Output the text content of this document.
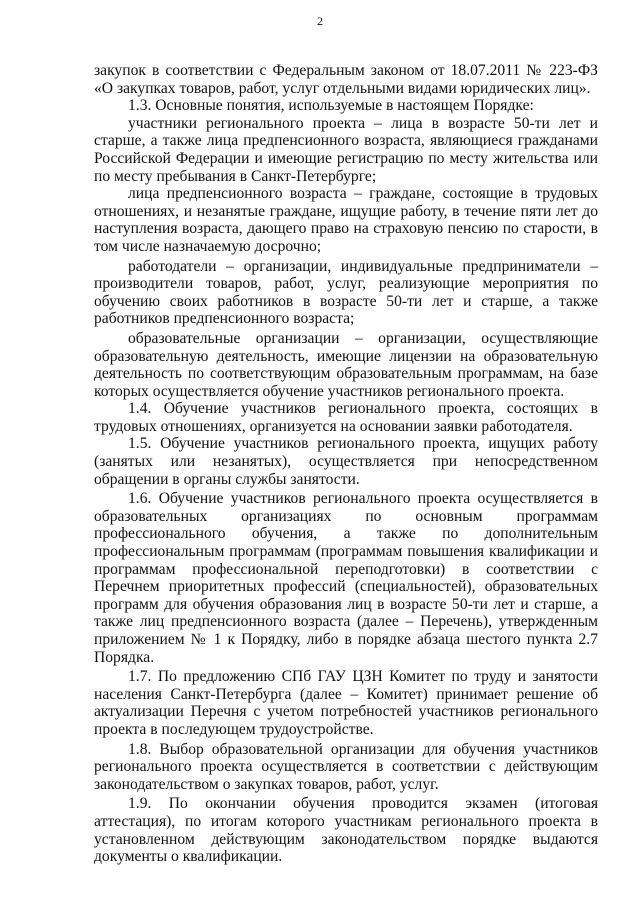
2

закупок в соответствии с Федеральным законом от 18.07.2011 № 223-ФЗ «О закупках товаров, работ, услуг отдельными видами юридических лиц».

1.3. Основные понятия, используемые в настоящем Порядке:

участники регионального проекта – лица в возрасте 50-ти лет и старше, а также лица предпенсионного возраста, являющиеся гражданами Российской Федерации и имеющие регистрацию по месту жительства или по месту пребывания в Санкт-Петербурге;

лица предпенсионного возраста – граждане, состоящие в трудовых отношениях, и незанятые граждане, ищущие работу, в течение пяти лет до наступления возраста, дающего право на страховую пенсию по старости, в том числе назначаемую досрочно;

работодатели – организации, индивидуальные предприниматели – производители товаров, работ, услуг, реализующие мероприятия по обучению своих работников в возрасте 50-ти лет и старше, а также работников предпенсионного возраста;

образовательные организации – организации, осуществляющие образовательную деятельность, имеющие лицензии на образовательную деятельность по соответствующим образовательным программам, на базе которых осуществляется обучение участников регионального проекта.

1.4. Обучение участников регионального проекта, состоящих в трудовых отношениях, организуется на основании заявки работодателя.

1.5. Обучение участников регионального проекта, ищущих работу (занятых или незанятых), осуществляется при непосредственном обращении в органы службы занятости.

1.6. Обучение участников регионального проекта осуществляется в образовательных организациях по основным программам профессионального обучения, а также по дополнительным профессиональным программам (программам повышения квалификации и программам профессиональной переподготовки) в соответствии с Перечнем приоритетных профессий (специальностей), образовательных программ для обучения образования лиц в возрасте 50-ти лет и старше, а также лиц предпенсионного возраста (далее – Перечень), утвержденным приложением № 1 к Порядку, либо в порядке абзаца шестого пункта 2.7 Порядка.

1.7. По предложению СПб ГАУ ЦЗН Комитет по труду и занятости населения Санкт-Петербурга (далее – Комитет) принимает решение об актуализации Перечня с учетом потребностей участников регионального проекта в последующем трудоустройстве.

1.8. Выбор образовательной организации для обучения участников регионального проекта осуществляется в соответствии с действующим законодательством о закупках товаров, работ, услуг.

1.9. По окончании обучения проводится экзамен (итоговая аттестация), по итогам которого участникам регионального проекта в установленном действующим законодательством порядке выдаются документы о квалификации.
